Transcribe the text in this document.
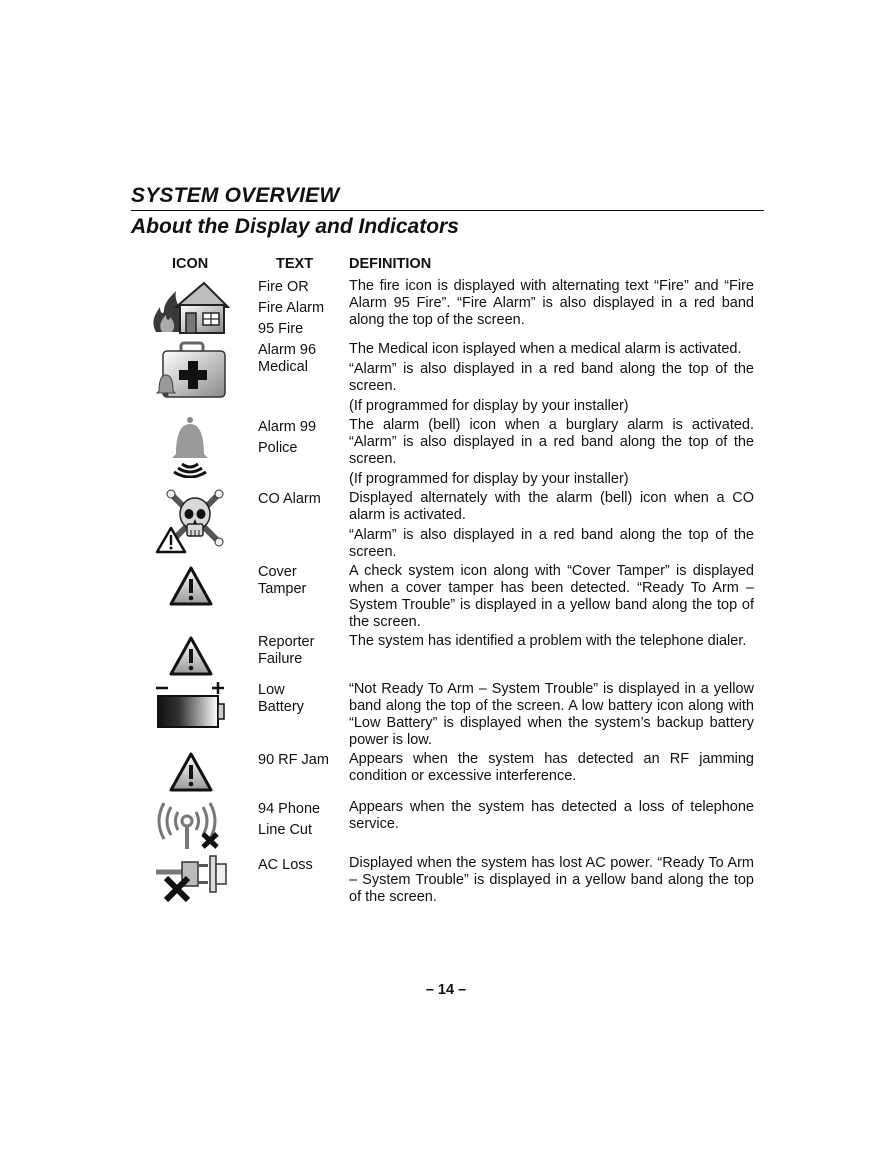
SYSTEM OVERVIEW
About the Display and Indicators
ICON	TEXT DEFINITION
Fire OR
Fire Alarm
95 Fire

The fire icon is displayed with alternating text “Fire” and “Fire Alarm 95 Fire”. “Fire Alarm” is also displayed in a red band along the top of the screen.

Alarm 96 Medical

The Medical icon isplayed when a medical alarm is activated.

“Alarm” is also displayed in a red band along the top of the screen.

(If programmed for display by your installer)

Alarm 99
Police

The alarm (bell) icon when a burglary alarm is activated. “Alarm” is also displayed in a red band along the top of the screen.

(If programmed for display by your installer)

CO Alarm Displayed alternately with the alarm (bell) icon when a CO alarm is activated.

“Alarm” is also displayed in a red band along the top of the screen.

Cover Tamper

A check system icon along with “Cover Tamper” is displayed when a cover tamper has been detected. “Ready To Arm – System Trouble” is displayed in a yellow band along the top of the screen.

Reporter Failure

The system has identified a problem with the telephone dialer.

Low Battery

“Not Ready To Arm – System Trouble” is displayed in a yellow band along the top of the screen. A low battery icon along with “Low Battery” is displayed when the system’s backup battery power is low.

90 RF Jam Appears when the system has detected an RF jamming condition or excessive interference.

94 Phone
Line Cut

Appears when the system has detected a loss of telephone service.

AC Loss Displayed when the system has lost AC power. “Ready To Arm – System Trouble” is displayed in a yellow band along the top of the screen.

– 14 –
